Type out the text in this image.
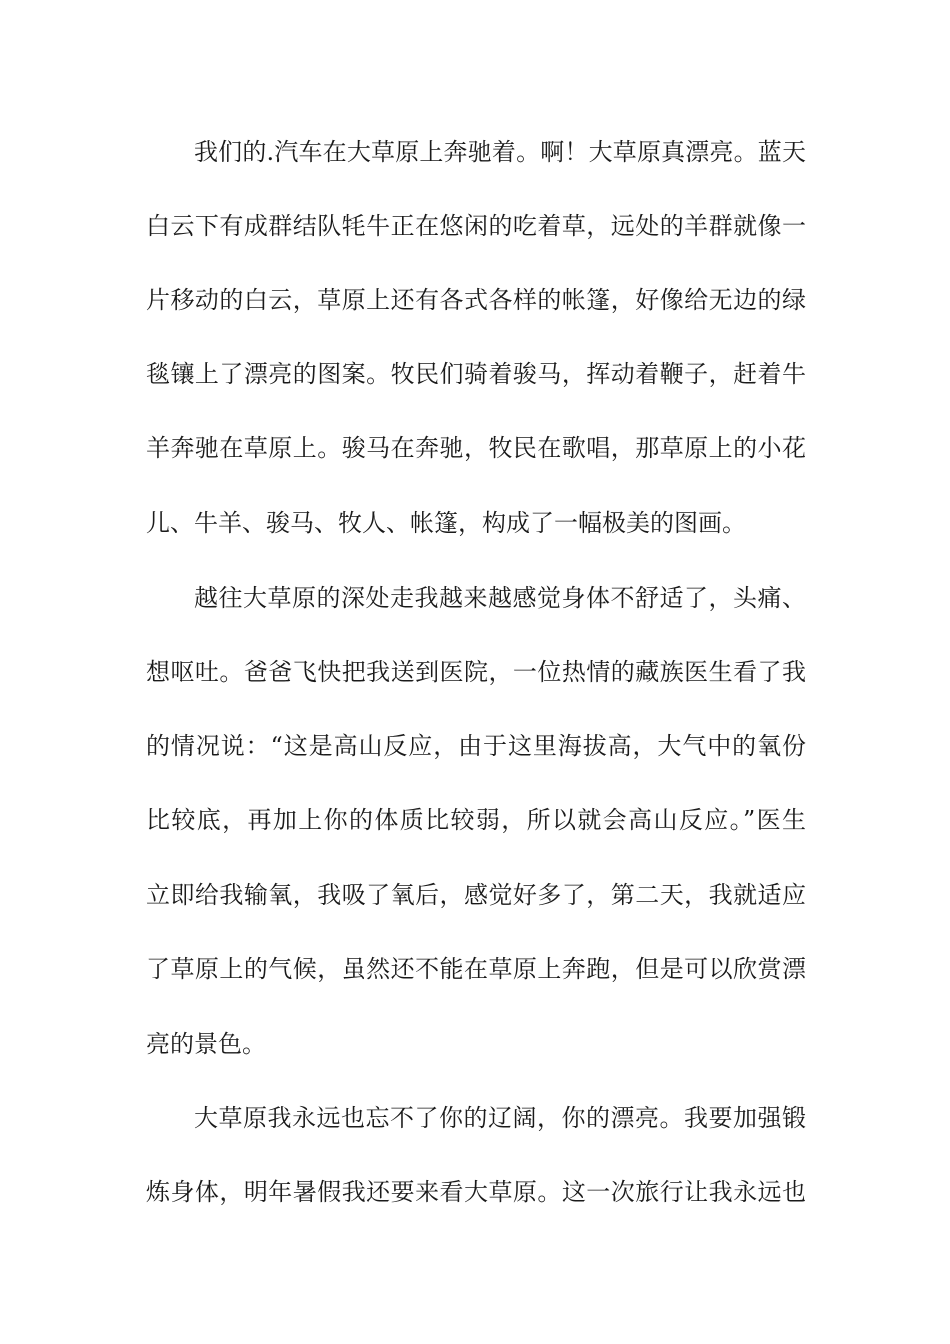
我们的.汽车在大草原上奔驰着。啊！大草原真漂亮。蓝天
白云下有成群结队牦牛正在悠闲的吃着草，远处的羊群就像一
片移动的白云，草原上还有各式各样的帐篷，好像给无边的绿
毯镶上了漂亮的图案。牧民们骑着骏马，挥动着鞭子，赶着牛
羊奔驰在草原上。骏马在奔驰，牧民在歌唱，那草原上的小花
儿、牛羊、骏马、牧人、帐篷，构成了一幅极美的图画。
越往大草原的深处走我越来越感觉身体不舒适了，头痛、
想呕吐。爸爸飞快把我送到医院，一位热情的藏族医生看了我
的情况说：“这是高山反应，由于这里海拔高，大气中的氧份
比较底，再加上你的体质比较弱，所以就会高山反应。”医生
立即给我输氧，我吸了氧后，感觉好多了，第二天，我就适应
了草原上的气候，虽然还不能在草原上奔跑，但是可以欣赏漂
亮的景色。
大草原我永远也忘不了你的辽阔，你的漂亮。我要加强锻
炼身体，明年暑假我还要来看大草原。这一次旅行让我永远也
